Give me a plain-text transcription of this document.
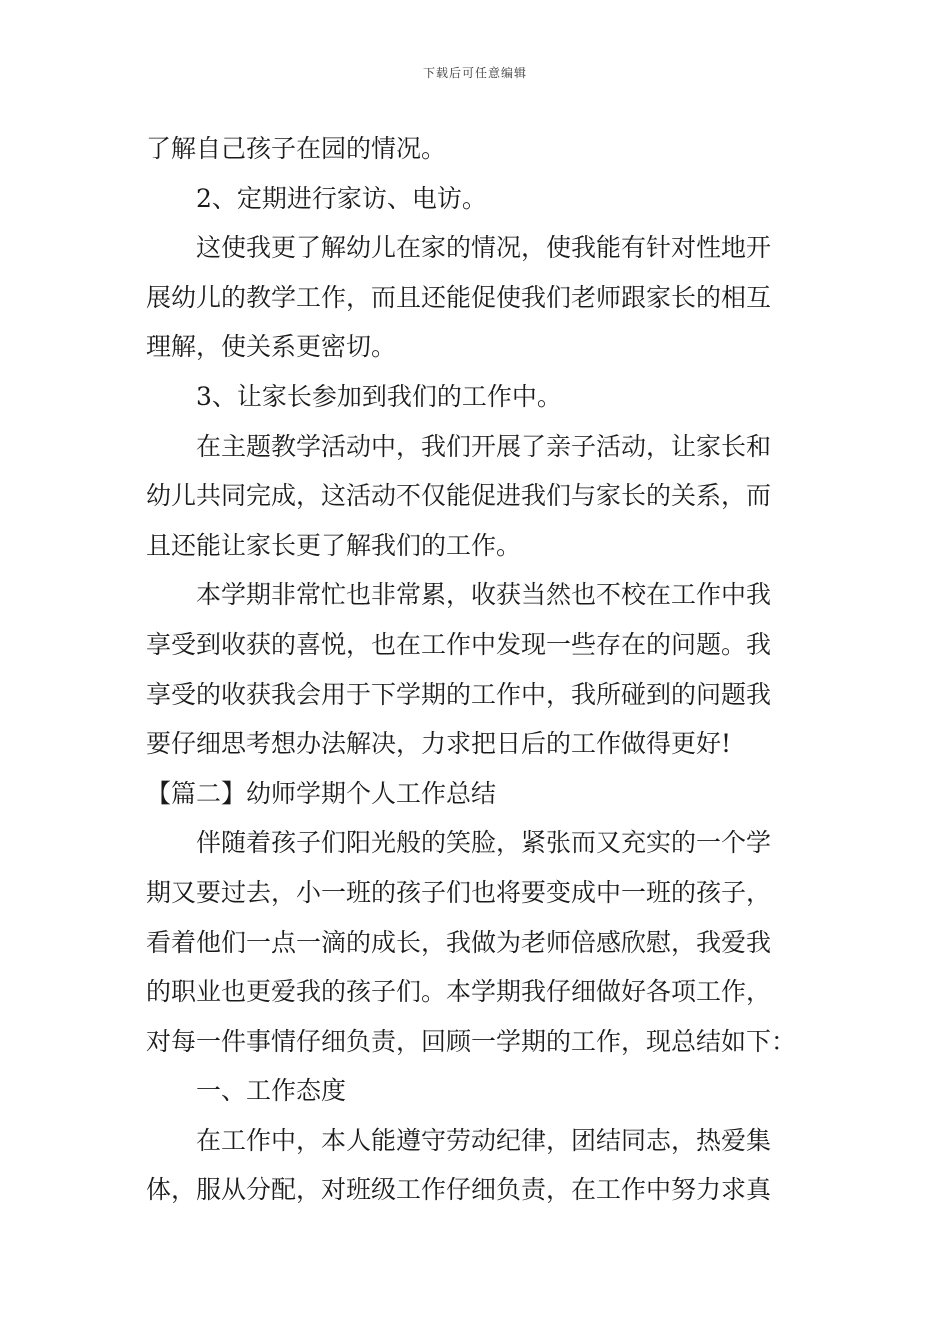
下载后可任意编辑
了解自己孩子在园的情况。
2、定期进行家访、电访。
这使我更了解幼儿在家的情况，使我能有针对性地开
展幼儿的教学工作，而且还能促使我们老师跟家长的相互
理解，使关系更密切。
3、让家长参加到我们的工作中。
在主题教学活动中，我们开展了亲子活动，让家长和
幼儿共同完成，这活动不仅能促进我们与家长的关系，而
且还能让家长更了解我们的工作。
本学期非常忙也非常累，收获当然也不校在工作中我
享受到收获的喜悦，也在工作中发现一些存在的问题。我
享受的收获我会用于下学期的工作中，我所碰到的问题我
要仔细思考想办法解决，力求把日后的工作做得更好!
【篇二】幼师学期个人工作总结
伴随着孩子们阳光般的笑脸，紧张而又充实的一个学
期又要过去，小一班的孩子们也将要变成中一班的孩子，
看着他们一点一滴的成长，我做为老师倍感欣慰，我爱我
的职业也更爱我的孩子们。本学期我仔细做好各项工作，
对每一件事情仔细负责，回顾一学期的工作，现总结如下：
一、工作态度
在工作中，本人能遵守劳动纪律，团结同志，热爱集
体，服从分配，对班级工作仔细负责，在工作中努力求真
